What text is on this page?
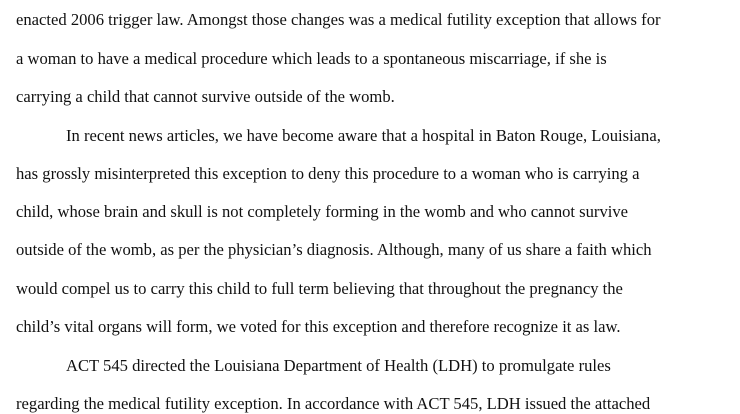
enacted 2006 trigger law. Amongst those changes was a medical futility exception that allows for
a woman to have a medical procedure which leads to a spontaneous miscarriage, if she is
carrying a child that cannot survive outside of the womb.
In recent news articles, we have become aware that a hospital in Baton Rouge, Louisiana,
has grossly misinterpreted this exception to deny this procedure to a woman who is carrying a
child, whose brain and skull is not completely forming in the womb and who cannot survive
outside of the womb, as per the physician’s diagnosis. Although, many of us share a faith which
would compel us to carry this child to full term believing that throughout the pregnancy the
child’s vital organs will form, we voted for this exception and therefore recognize it as law.
ACT 545 directed the Louisiana Department of Health (LDH) to promulgate rules
regarding the medical futility exception. In accordance with ACT 545, LDH issued the attached
